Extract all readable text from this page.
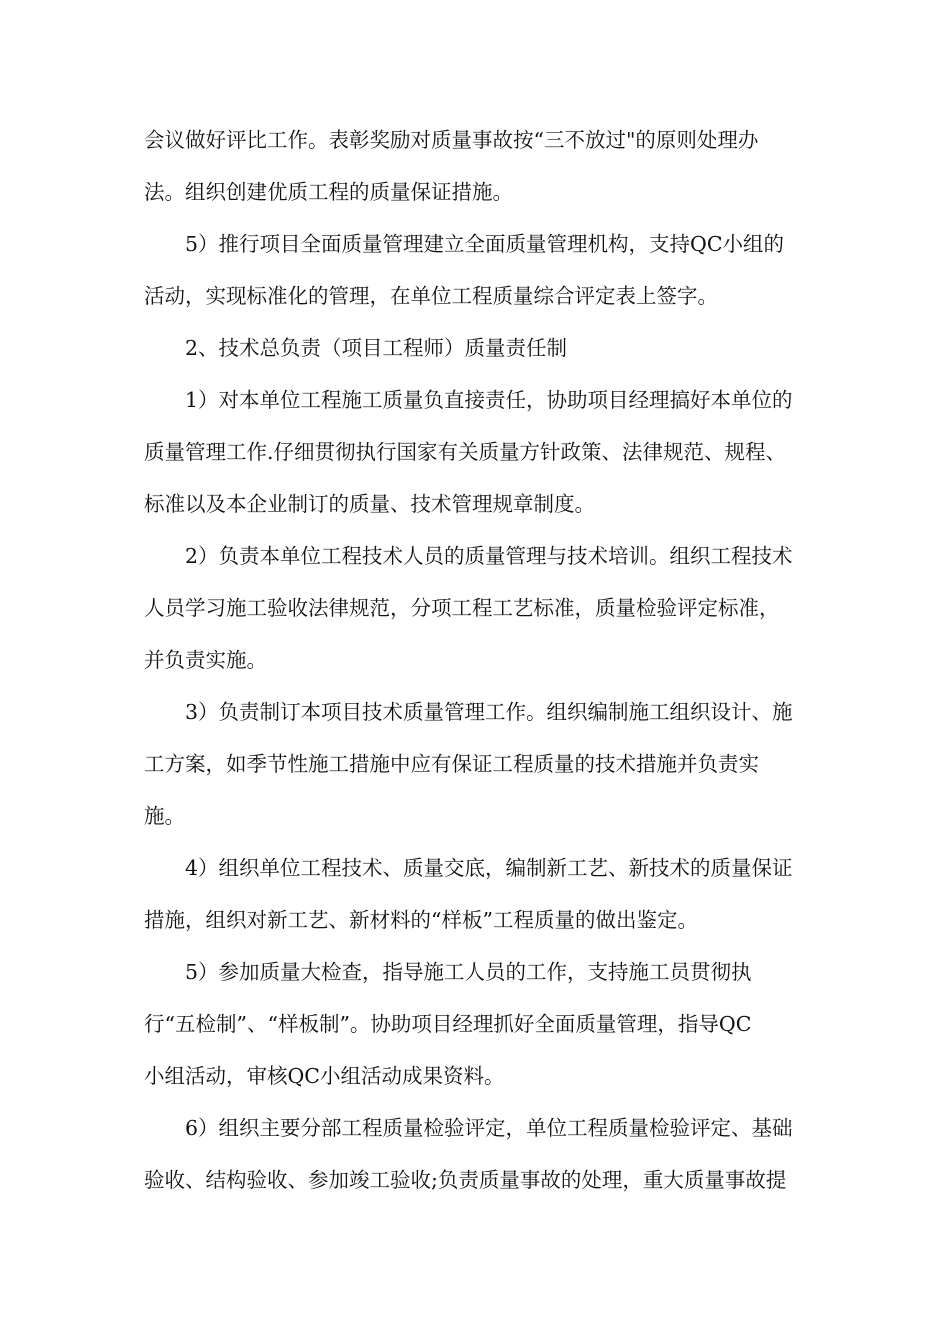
会议做好评比工作。表彰奖励对质量事故按“三不放过"的原则处理办
法。组织创建优质工程的质量保证措施。
5）推行项目全面质量管理建立全面质量管理机构，支持QC小组的
活动，实现标准化的管理，在单位工程质量综合评定表上签字。
2、技术总负责（项目工程师）质量责任制
1）对本单位工程施工质量负直接责任，协助项目经理搞好本单位的
质量管理工作.仔细贯彻执行国家有关质量方针政策、法律规范、规程、
标准以及本企业制订的质量、技术管理规章制度。
2）负责本单位工程技术人员的质量管理与技术培训。组织工程技术
人员学习施工验收法律规范，分项工程工艺标准，质量检验评定标准，
并负责实施。
3）负责制订本项目技术质量管理工作。组织编制施工组织设计、施
工方案，如季节性施工措施中应有保证工程质量的技术措施并负责实
施。
4）组织单位工程技术、质量交底，编制新工艺、新技术的质量保证
措施，组织对新工艺、新材料的“样板”工程质量的做出鉴定。
5）参加质量大检查，指导施工人员的工作，支持施工员贯彻执
行“五检制”、“样板制”。协助项目经理抓好全面质量管理，指导QC
小组活动，审核QC小组活动成果资料。
6）组织主要分部工程质量检验评定，单位工程质量检验评定、基础
验收、结构验收、参加竣工验收;负责质量事故的处理，重大质量事故提
